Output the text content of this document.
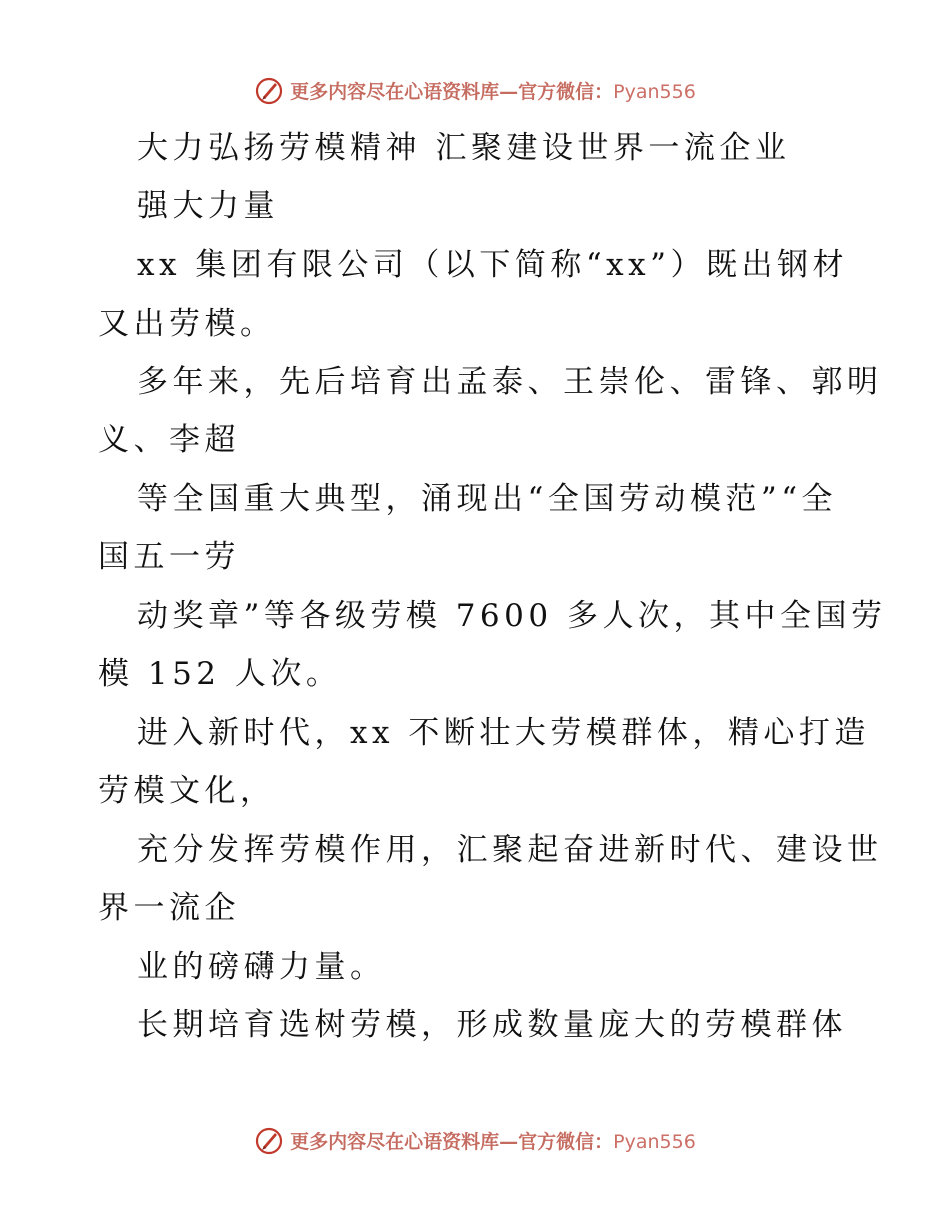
更多内容尽在心语资料库—官方微信：Pyan556
大力弘扬劳模精神 汇聚建设世界一流企业
强大力量
xx 集团有限公司（以下简称“xx”）既出钢材
又出劳模。
多年来，先后培育出孟泰、王崇伦、雷锋、郭明
义、李超
等全国重大典型，涌现出“全国劳动模范”“全
国五一劳
动奖章”等各级劳模 7600 多人次，其中全国劳
模 152 人次。
进入新时代，xx 不断壮大劳模群体，精心打造
劳模文化，
充分发挥劳模作用，汇聚起奋进新时代、建设世
界一流企
业的磅礴力量。
长期培育选树劳模，形成数量庞大的劳模群体
更多内容尽在心语资料库—官方微信：Pyan556
